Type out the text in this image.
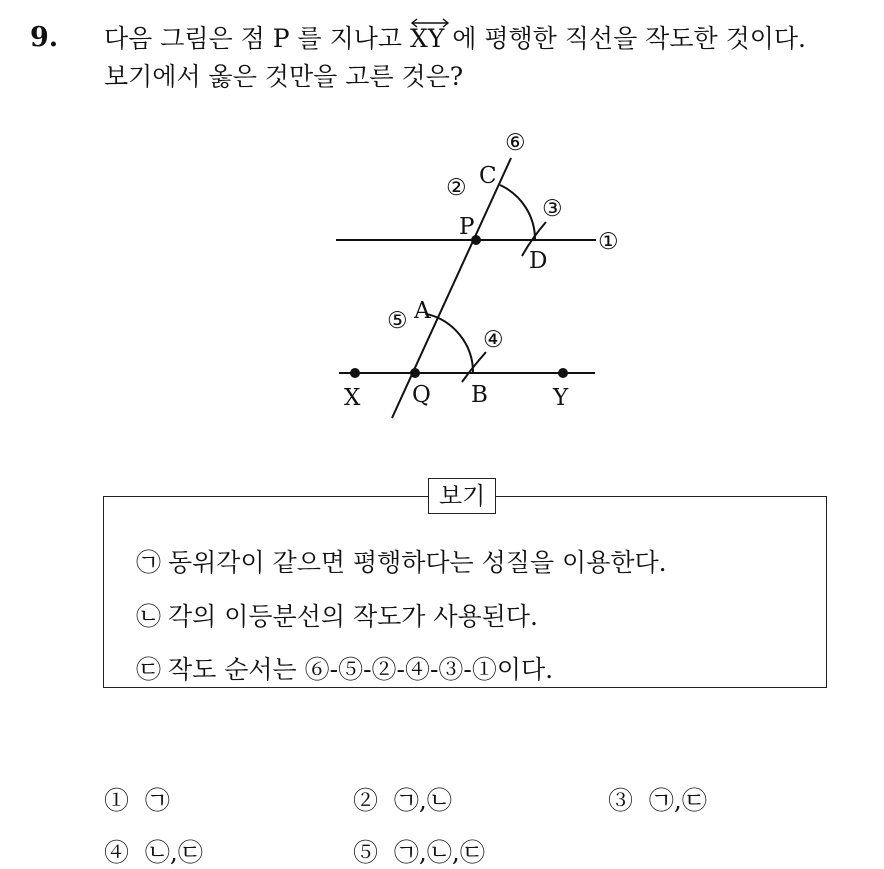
9. 다음 그림은 점 P 를 지나고
XY 에 평행한 직선을 작도한 것이다.
보기에서 옳은 것만을 고른 것은?
P
Q
A
B
C
D
X	Y
⑥
②
③
①
⑤
④
보기
㉠ 동위각이 같으면 평행하다는 성질을 이용한다.
㉡ 각의 이등분선의 작도가 사용된다.
㉢ 작도 순서는 ⑥-⑤-②-④-③-①이다.
① ㉠	② ㉠,㉡	③ ㉠,㉢
④ ㉡,㉢	⑤ ㉠,㉡,㉢
